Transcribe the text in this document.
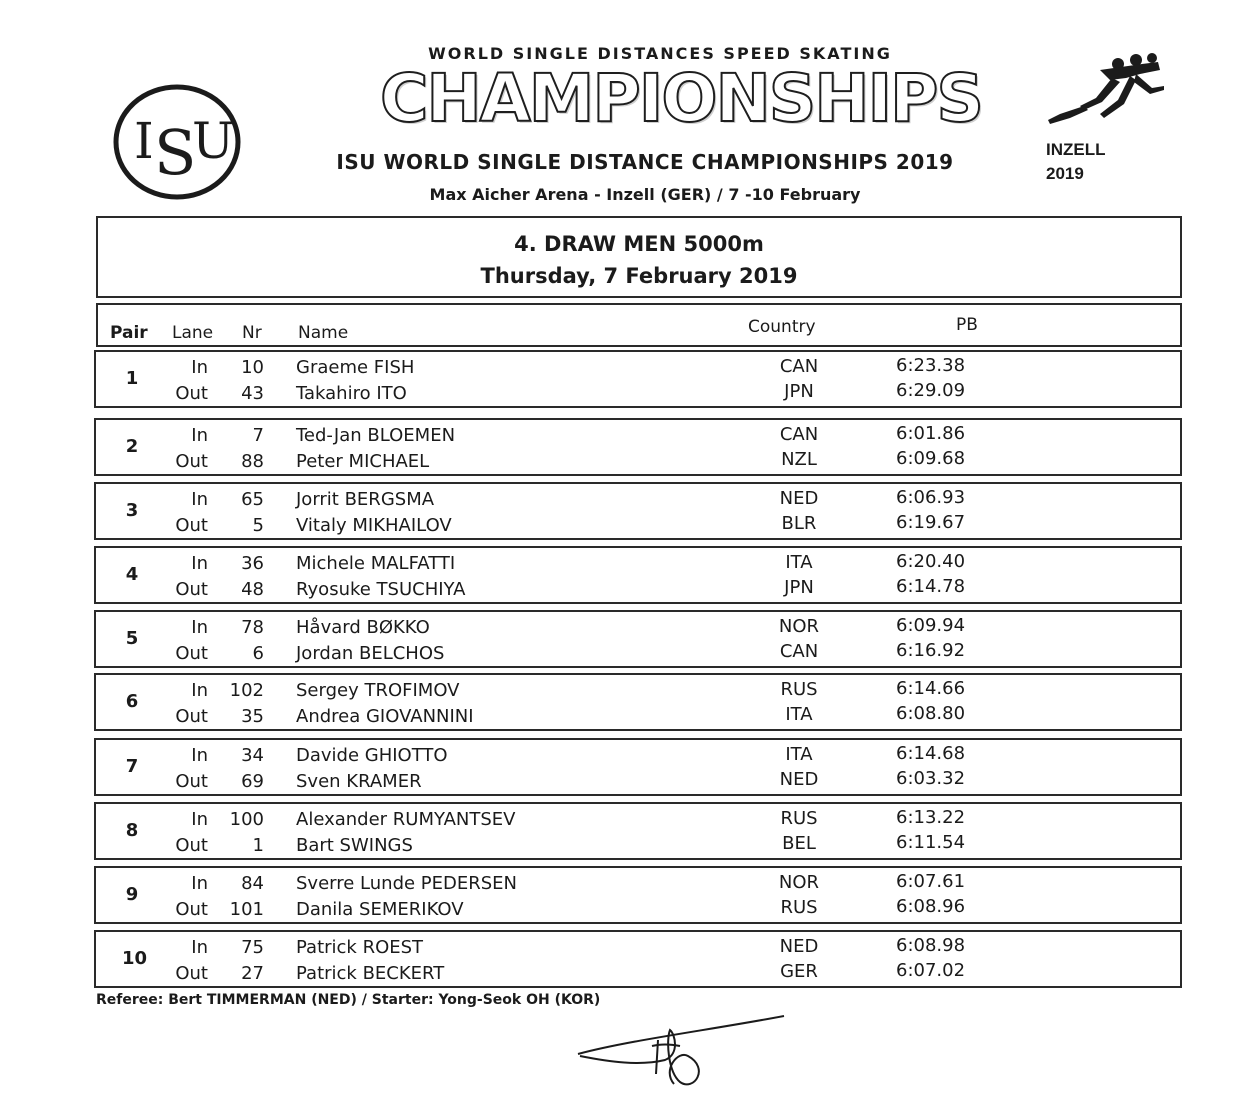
I S
U
WORLD SINGLE DISTANCES SPEED SKATING
CHAMPIONSHIPS
ISU WORLD SINGLE DISTANCE CHAMPIONSHIPS 2019
Max Aicher Arena - Inzell (GER) / 7 -10 February
INZELL
2019
4. DRAW MEN 5000m
Thursday, 7 February 2019
Pair Lane Nr Name	Country	PB
1
In	10 Graeme FISH	CAN	6:23.38
Out	43 Takahiro ITO	JPN	6:29.09
2
In	7 Ted-Jan BLOEMEN	CAN	6:01.86
Out	88 Peter MICHAEL	NZL	6:09.68
3
In	65 Jorrit BERGSMA	NED	6:06.93
Out	5 Vitaly MIKHAILOV	BLR	6:19.67
4
In	36 Michele MALFATTI	ITA	6:20.40
Out	48 Ryosuke TSUCHIYA	JPN	6:14.78
5
In	78 Håvard BØKKO	NOR	6:09.94
Out	6 Jordan BELCHOS	CAN	6:16.92
6
In	102 Sergey TROFIMOV	RUS	6:14.66
Out	35 Andrea GIOVANNINI	ITA	6:08.80
7
In	34 Davide GHIOTTO	ITA	6:14.68
Out	69 Sven KRAMER	NED	6:03.32
8
In	100 Alexander RUMYANTSEV	RUS	6:13.22
Out	1 Bart SWINGS	BEL	6:11.54
9
In	84 Sverre Lunde PEDERSEN	NOR	6:07.61
Out	101 Danila SEMERIKOV	RUS	6:08.96
10
In	75 Patrick ROEST	NED	6:08.98
Out	27 Patrick BECKERT	GER	6:07.02
Referee: Bert TIMMERMAN (NED) / Starter: Yong-Seok OH (KOR)
